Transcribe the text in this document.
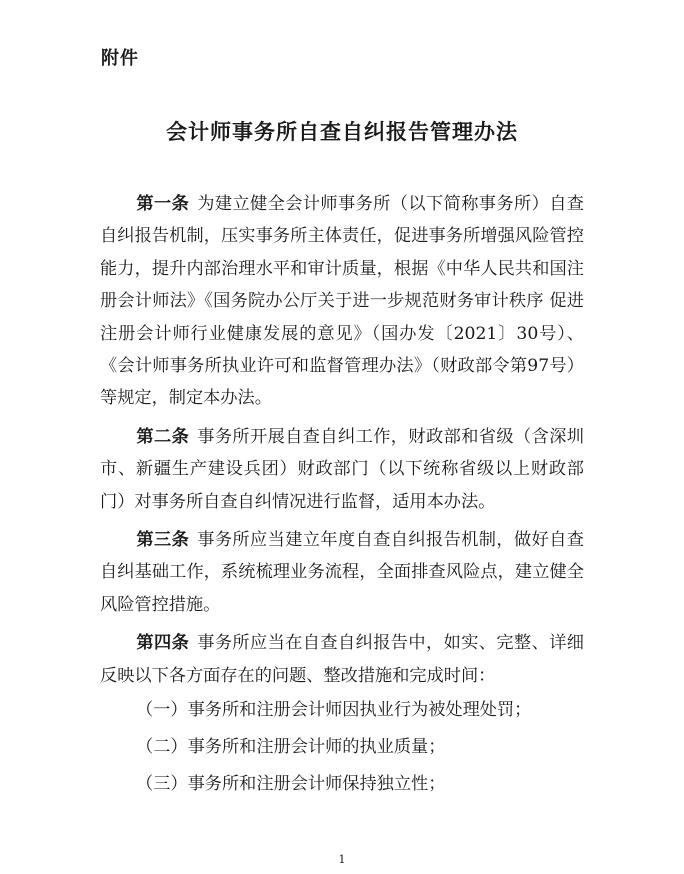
附件
会计师事务所自查自纠报告管理办法

第一条 为建立健全会计师事务所（以下简称事务所）自查自纠报告机制，压实事务所主体责任，促进事务所增强风险管控能力，提升内部治理水平和审计质量，根据《中华人民共和国注册会计师法》《国务院办公厅关于进一步规范财务审计秩序 促进注册会计师行业健康发展的意见》（国办发〔2021〕30号）、《会计师事务所执业许可和监督管理办法》（财政部令第97号）等规定，制定本办法。

第二条 事务所开展自查自纠工作，财政部和省级（含深圳市、新疆生产建设兵团）财政部门（以下统称省级以上财政部门）对事务所自查自纠情况进行监督，适用本办法。

第三条 事务所应当建立年度自查自纠报告机制，做好自查自纠基础工作，系统梳理业务流程，全面排查风险点，建立健全风险管控措施。

第四条 事务所应当在自查自纠报告中，如实、完整、详细反映以下各方面存在的问题、整改措施和完成时间：

（一）事务所和注册会计师因执业行为被处理处罚；

（二）事务所和注册会计师的执业质量；

（三）事务所和注册会计师保持独立性；

1
